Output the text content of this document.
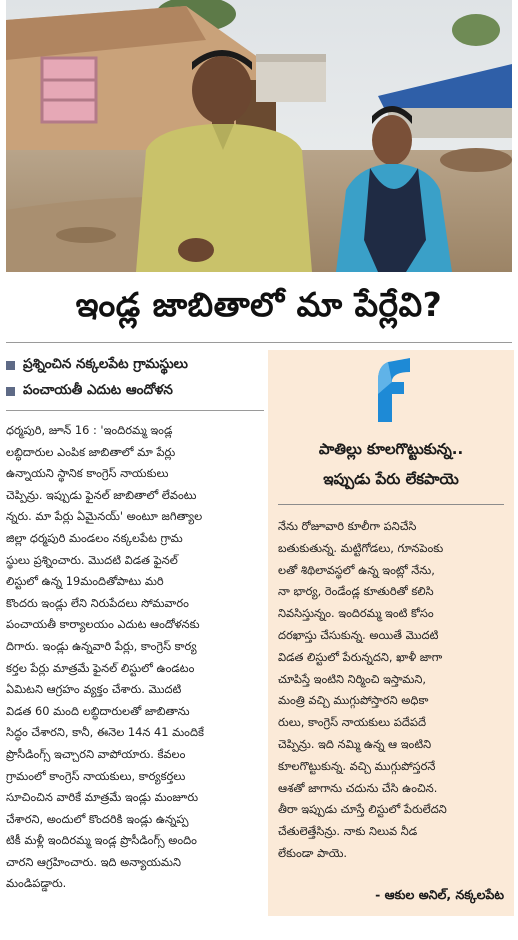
ఇండ్ల జాబితాలో మా పేర్లేవి?
ప్రశ్నించిన నక్కలపేట గ్రామస్థులు
పంచాయతీ ఎదుట ఆందోళన

ధర్మపురి, జూన్ 16 : 'ఇందిరమ్మ ఇండ్ల

లబ్ధిదారుల ఎంపిక జాబితాలో మా పేర్లు

ఉన్నాయని స్థానిక కాంగ్రెస్ నాయకులు

చెప్పిన్రు. ఇప్పుడు ఫైనల్ జాబితాలో లేవంటు

న్నరు. మా పేర్లు ఏమైనయ్' అంటూ జగిత్యాల

జిల్లా ధర్మపురి మండలం నక్కలపేట గ్రామ

స్థులు ప్రశ్నించారు. మొదటి విడత ఫైనల్

లిస్టులో ఉన్న 19మందితోపాటు మరి

కొందరు ఇండ్లు లేని నిరుపేదలు సోమవారం

పంచాయతీ కార్యాలయం ఎదుట ఆందోళనకు

దిగారు. ఇండ్లు ఉన్నవారి పేర్లు, కాంగ్రెస్ కార్య

కర్తల పేర్లు మాత్రమే ఫైనల్ లిస్టులో ఉండటం

ఏమిటని ఆగ్రహం వ్యక్తం చేశారు. మొదటి

విడత 60 మంది లబ్ధిదారులతో జాబితాను

సిద్ధం చేశారని, కానీ, ఈనెల 14న 41 మందికే

ప్రొసీడింగ్స్ ఇచ్చారని వాపోయారు. కేవలం

గ్రామంలో కాంగ్రెస్ నాయకులు, కార్యకర్తలు

సూచించిన వారికే మాత్రమే ఇండ్లు మంజూరు

చేశారని, అందులో కొందరికి ఇండ్లు ఉన్నప్ప

టికీ మళ్లీ ఇందిరమ్మ ఇండ్ల ప్రొసీడింగ్స్ అందిం

చారని ఆగ్రహించారు. ఇది అన్యాయమని

మండిపడ్డారు.

పాతిల్లు కూలగొట్టుకున్న..
ఇప్పుడు పేరు లేకపాయె

నేను రోజూవారి కూలీగా పనిచేసి

బతుకుతున్న. మట్టిగోడలు, గూనపెంకు

లతో శిథిలావస్థలో ఉన్న ఇంట్లో నేను,

నా భార్య, రెండేండ్ల కూతురితో కలిసి

నివసిస్తున్నం. ఇందిరమ్మ ఇంటి కోసం

దరఖాస్తు చేసుకున్న. అయితే మొదటి

విడత లిస్టులో పేరున్నదని, ఖాళీ జాగా

చూపిస్తే ఇంటిని నిర్మించి ఇస్తామని,

మంత్రి వచ్చి ముగ్గుపోస్తారని అధికా

రులు, కాంగ్రెస్ నాయకులు పదేపదే

చెప్పిన్రు. ఇది నమ్మి ఉన్న ఆ ఇంటిని

కూలగొట్టుకున్న. వచ్చి ముగ్గుపోస్తరనే

ఆశతో జాగాను చదును చేసి ఉంచిన.

తీరా ఇప్పుడు చూస్తే లిస్టులో పేరులేదని

చేతులెత్తేసిన్రు. నాకు నిలువ నీడ

లేకుండా పాయె.

- ఆకుల అనిల్, నక్కలపేట
